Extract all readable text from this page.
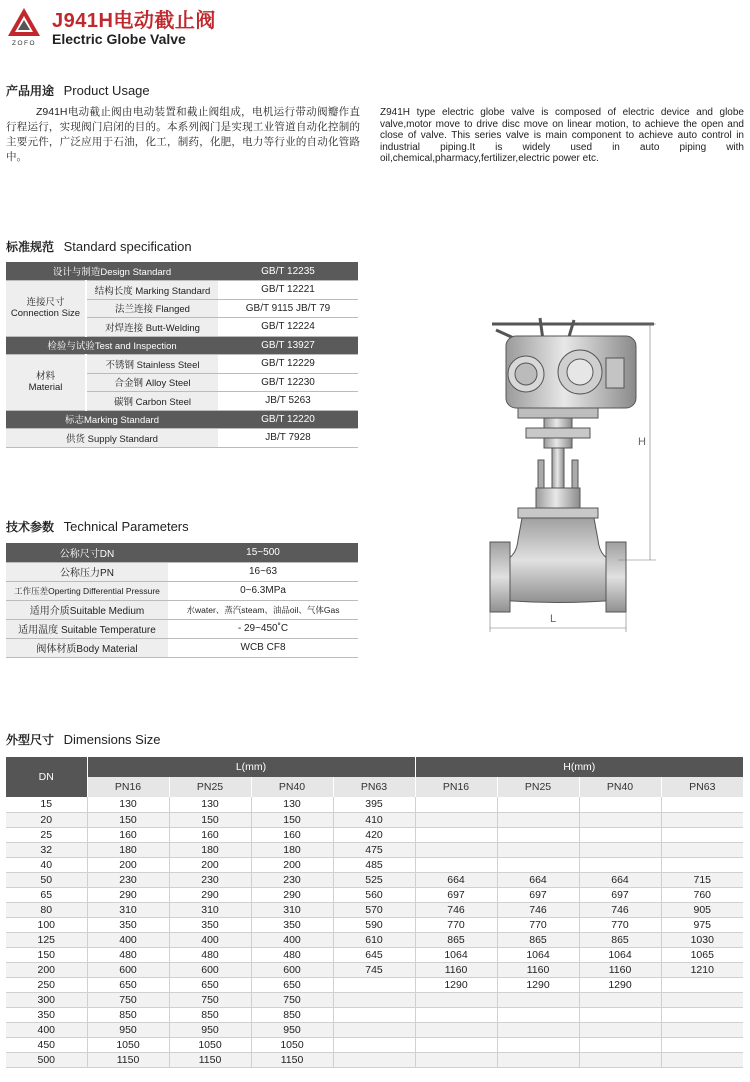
ZOFO
J941H电动截止阀
Electric Globe Valve
产品用途 Product Usage
Z941H电动截止阀由电动装置和截止阀组成，电机运行带动阀瓣作直行程运行，实现阀门启闭的目的。本系列阀门是实现工业管道自动化控制的主要元件，广泛应用于石油，化工，制药，化肥，电力等行业的自动化管路中。
Z941H type electric globe valve is composed of electric device and globe valve,motor move to drive disc move on linear motion, to achieve the open and close of valve. This series valve is main component to achieve auto control in industrial piping.It is widely used in auto piping with oil,chemical,pharmacy,fertilizer,electric power etc.
标准规范 Standard specification
设计与制造Design Standard		GB/T 12235
连接尺寸
Connection Size	结构长度 Marking Standard	GB/T 12221
	法兰连接 Flanged	GB/T 9115 JB/T 79
	对焊连接 Butt-Welding	GB/T 12224
检验与试验Test and Inspection		GB/T 13927
材料
Material	不锈钢 Stainless Steel	GB/T 12229
	合金钢 Alloy Steel	GB/T 12230
	碳钢 Carbon Steel	JB/T 5263
标志Marking Standard		GB/T 12220
供货 Supply Standard		JB/T 7928
技术参数 Technical Parameters
公称尺寸DN	15~500
公称压力PN	16~63
工作压差Operting Differential Pressure	0~6.3MPa
适用介质Suitable Medium	水water、蒸汽steam、油品oil、气体Gas
适用温度 Suitable Temperature	- 29~450˚C
阀体材质Body Material	WCB CF8
H
L
外型尺寸 Dimensions Size
DN	L(mm)				H(mm)			
	PN16	PN25	PN40	PN63	PN16	PN25	PN40	PN63
15	130	130	130	395				
20	150	150	150	410				
25	160	160	160	420				
32	180	180	180	475				
40	200	200	200	485				
50	230	230	230	525	664	664	664	715
65	290	290	290	560	697	697	697	760
80	310	310	310	570	746	746	746	905
100	350	350	350	590	770	770	770	975
125	400	400	400	610	865	865	865	1030
150	480	480	480	645	1064	1064	1064	1065
200	600	600	600	745	1160	1160	1160	1210
250	650	650	650		1290	1290	1290	
300	750	750	750					
350	850	850	850					
400	950	950	950					
450	1050	1050	1050					
500	1150	1150	1150					
